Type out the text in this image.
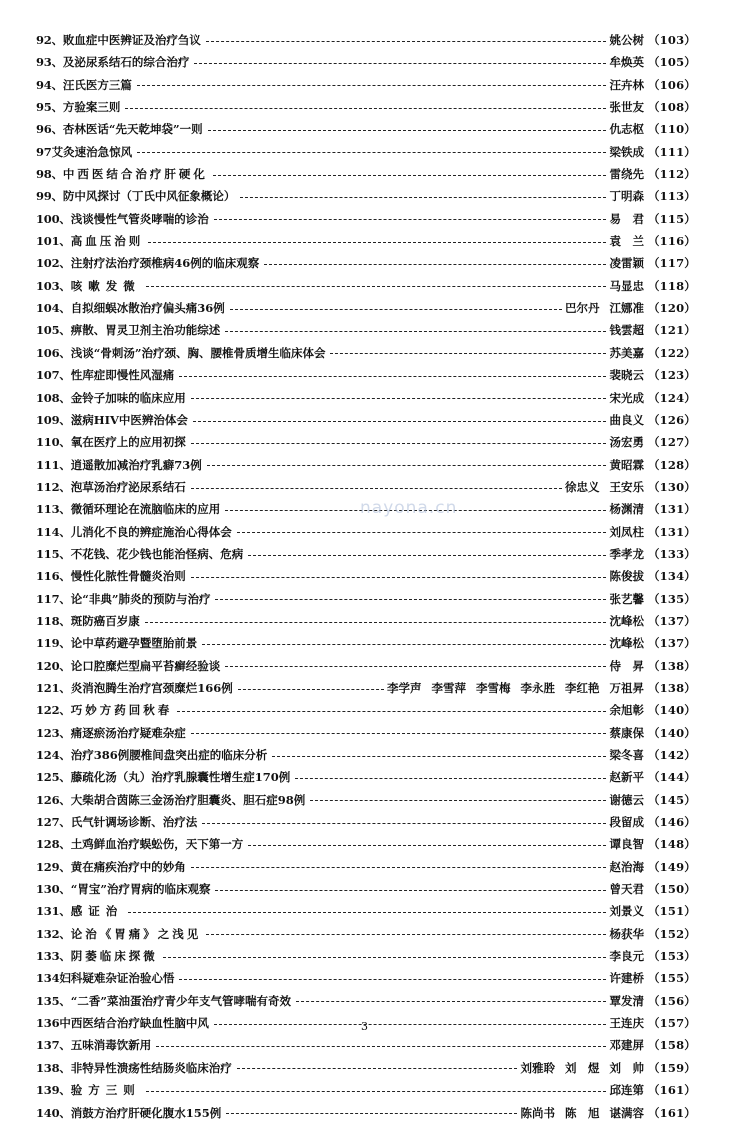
92、 败血症中医辨证及治疗刍议	姚公树 （103）
93、 及泌尿系结石的综合治疗	牟焕英 （105）
94、 汪氏医方三篇	汪卉林 （106）
95、 方验案三则	张世友 （108）
96、 杏林医话“先天乾坤袋”一则	仇志枢 （110）
97 艾灸速治急惊风	梁铁成 （111）
98、 中西医结合治疗肝硬化	雷绕先 （112）
99、 防中风探讨（丁氏中风征象概论）	丁明森 （113）
100、 浅谈慢性气管炎哮喘的诊治	易　君 （115）
101、 高血压治则	袁　兰 （116）
102、 注射疗法治疗颈椎病46例的临床观察	凌雷颖 （117）
103、 咳嗽发微	马显忠 （118）
104、 自拟细蜈冰散治疗偏头痛36例	巴尔丹 江娜准 （120）
105、 痹散、胃灵卫剂主治功能综述	钱雲超 （121）
106、 浅谈“骨刺汤”治疗颈、胸、腰椎骨质增生临床体会	苏美嘉 （122）
107、 性库症即慢性风湿痛	裴晓云 （123）
108、 金铃子加味的临床应用	宋光成 （124）
109、 滋病HIV中医辨治体会	曲良义 （126）
110、 氧在医疗上的应用初探	汤宏勇 （127）
111、 逍遥散加减治疗乳癖73例	黄昭霖 （128）
112、 泡草汤治疗泌尿系结石	徐忠义 王安乐 （130）
113、 微循环理论在流脑临床的应用	杨渊清 （131）
114、 儿消化不良的辨症施治心得体会	刘凤柱 （131）
115、 不花钱、花少钱也能治怪病、危病	季孝龙 （133）
116、 慢性化脓性骨髓炎治则	陈俊拔 （134）
117、 论“非典”肺炎的预防与治疗	张艺馨 （135）
118、 斑防癌百岁康	沈峰松 （137）
119、 论中草药避孕暨堕胎前景	沈峰松 （137）
120、 论口腔糜烂型扁平苔癣经验谈	侍　昇 （138）
121、 炎消泡腾生治疗宫颈糜烂166例	李学声 李雪萍 李雪梅 李永胜 李红艳 万祖昇 （138）
122、 巧妙方药回秋春	余旭彰 （140）
123、 痛逐瘀汤治疗疑难杂症	蔡康保 （140）
124、 治疗386例腰椎间盘突出症的临床分析	梁冬喜 （142）
125、 藤疏化汤（丸）治疗乳腺囊性增生症170例	赵新平 （144）
126、 大柴胡合茵陈三金汤治疗胆囊炎、胆石症98例	谢德云 （145）
127、 氏气针调场诊断、治疗法	段留成 （146）
128、 土鸡鲜血治疗蜈蚣伤，天下第一方	谭良智 （148）
129、 黄在痛疾治疗中的妙角	赵治海 （149）
130、 “胃宝”治疗胃病的临床观察	曾天君 （150）
131、 感证治	刘景义 （151）
132、 论治《胃痛》之浅见	杨获华 （152）
133、 阴萎临床探微	李良元 （153）
134 妇科疑难杂证治验心悟	许建桥 （155）
135、 “二香”菜油蛋治疗青少年支气管哮喘有奇效	覃发清 （156）
136 中西医结合治疗缺血性脑中风	王连庆 （157）
137、 五味消毒饮新用	邓建屏 （158）
138、 非特异性溃疡性结肠炎临床治疗	刘雅聆 刘　煜 刘　帅 （159）
139、 验方三则	邱连第 （161）
140、 消鼓方治疗肝硬化腹水155例	陈尚书 陈　旭 谌满容 （161）
nayona.cn
3
